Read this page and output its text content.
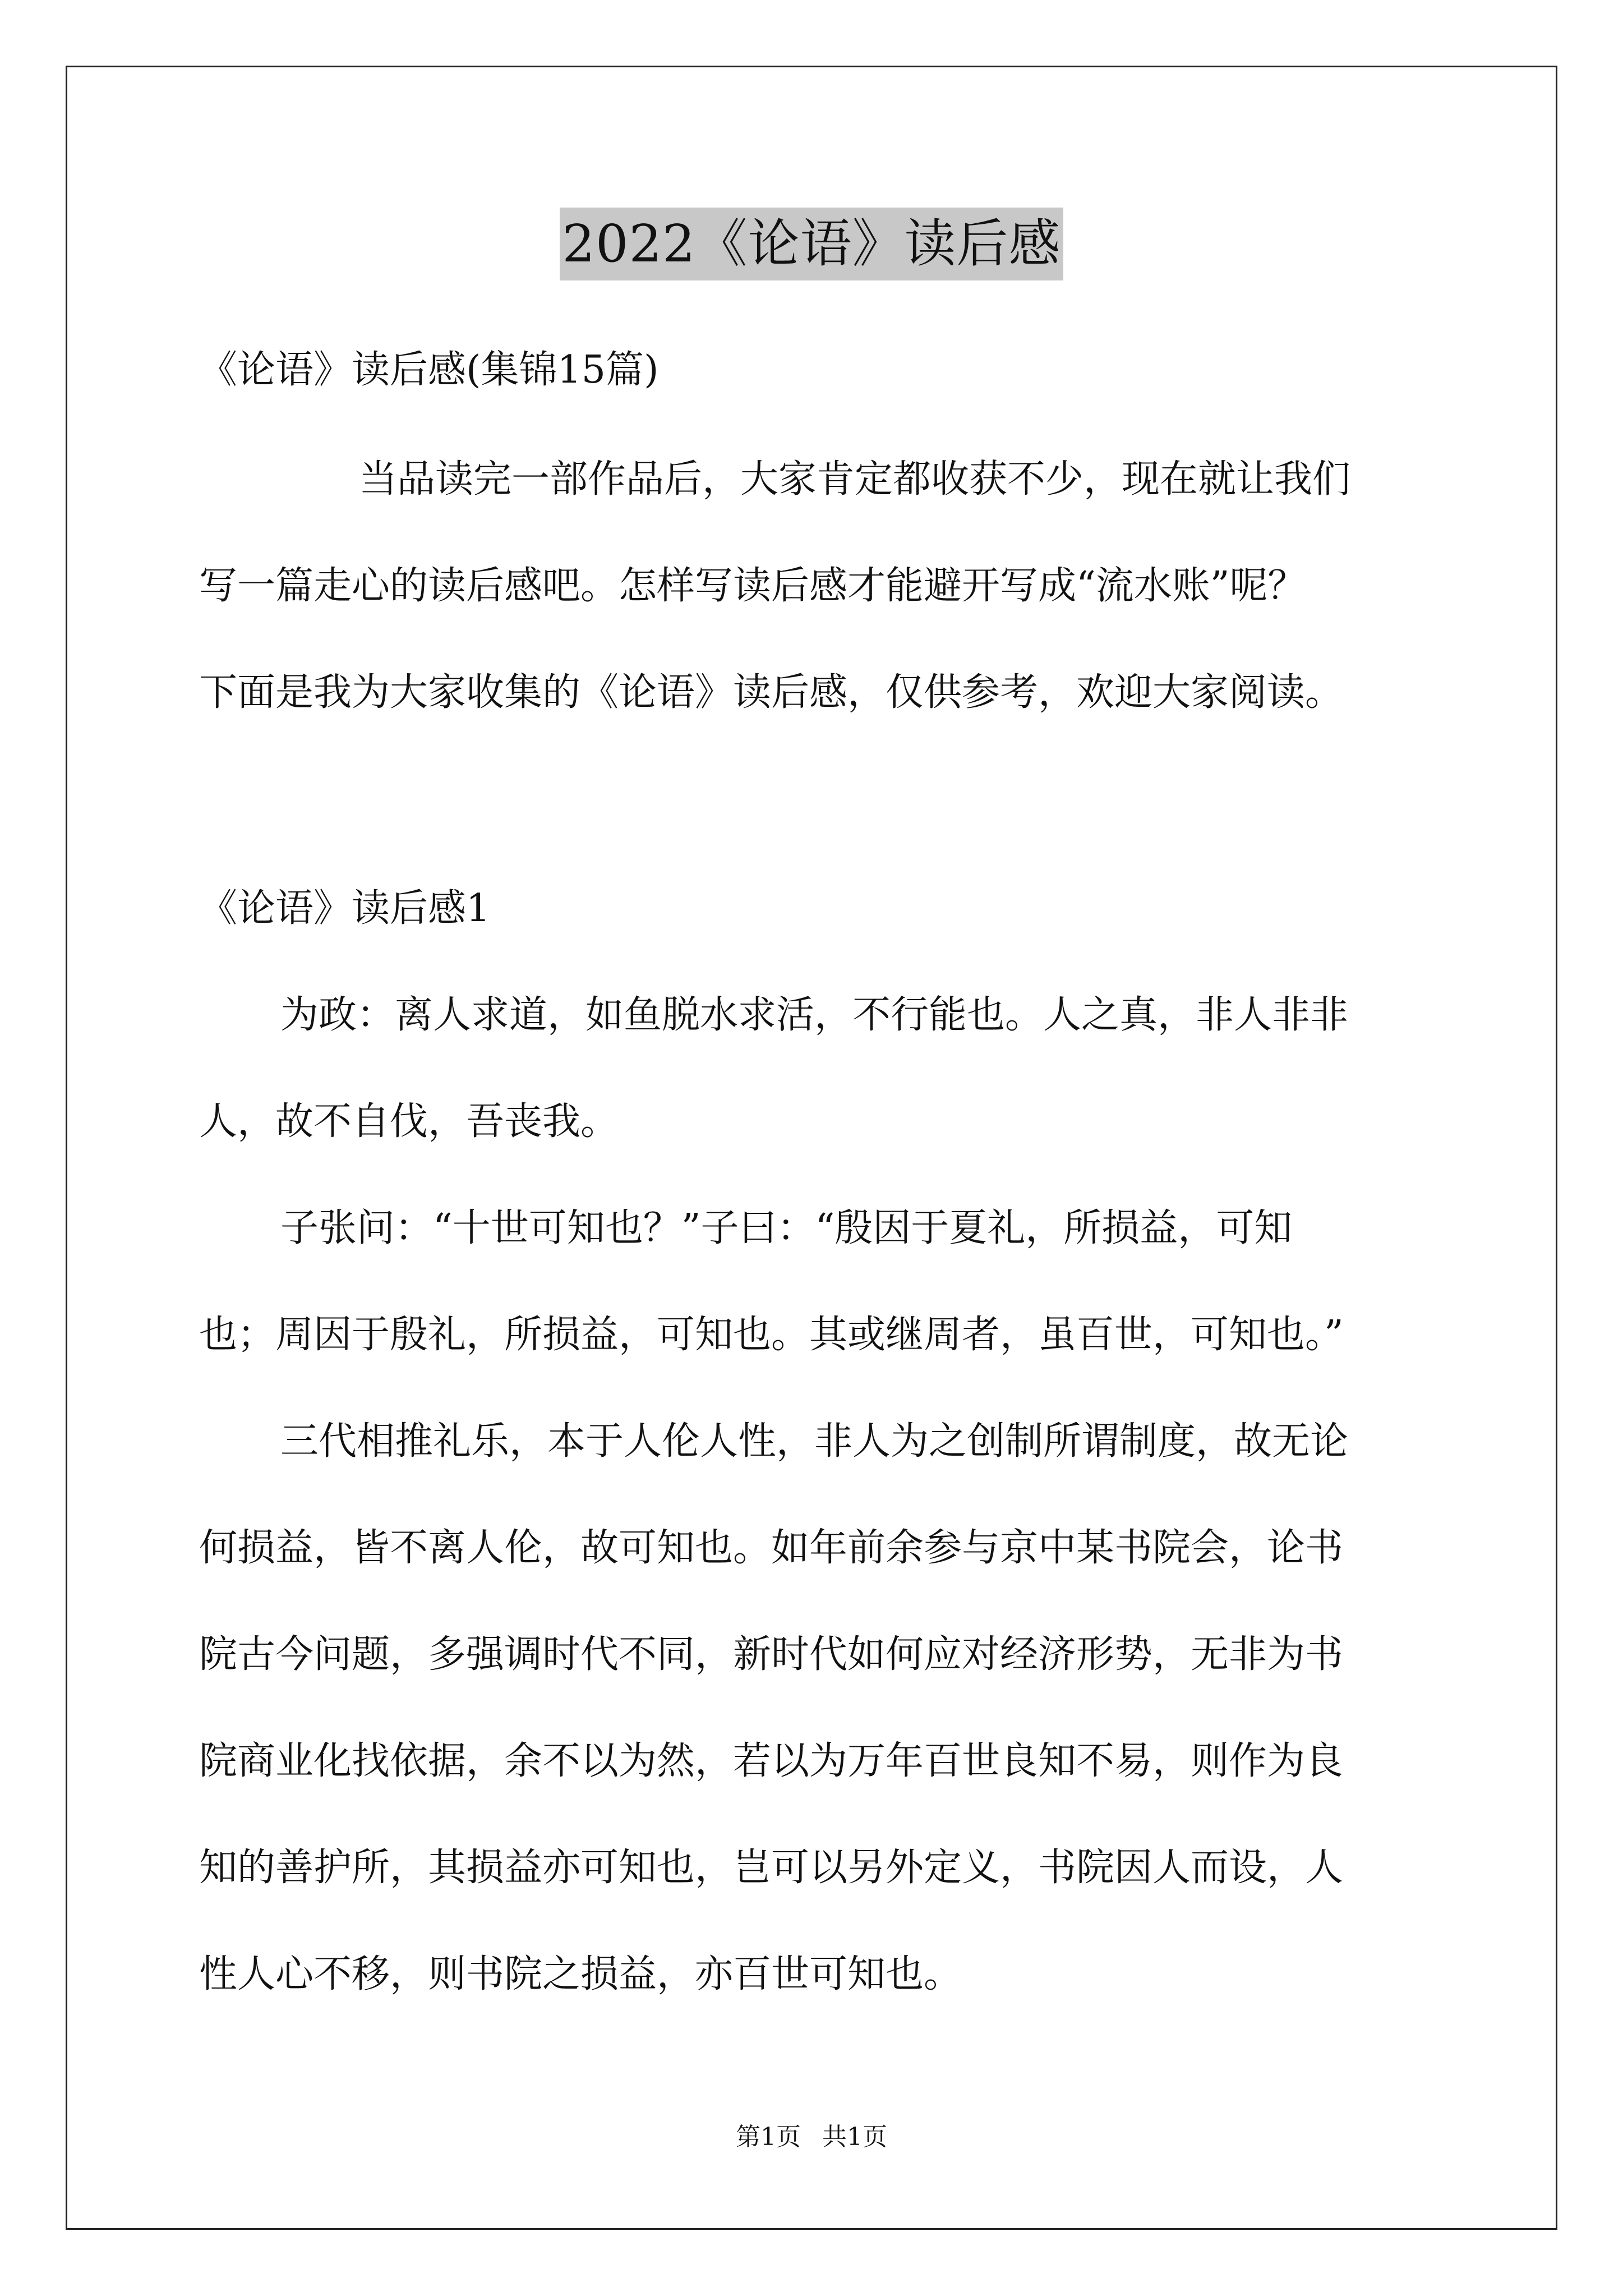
2022《论语》读后感
《论语》读后感(集锦15篇)
当品读完一部作品后，大家肯定都收获不少，现在就让我们
写一篇走心的读后感吧。怎样写读后感才能避开写成“流水账”呢？
下面是我为大家收集的《论语》读后感，仅供参考，欢迎大家阅读。
《论语》读后感1
为政：离人求道，如鱼脱水求活，不行能也。人之真，非人非非
人，故不自伐，吾丧我。
子张问：“十世可知也？”子曰：“殷因于夏礼，所损益，可知
也；周因于殷礼，所损益，可知也。其或继周者，虽百世，可知也。”
三代相推礼乐，本于人伦人性，非人为之创制所谓制度，故无论
何损益，皆不离人伦，故可知也。如年前余参与京中某书院会，论书
院古今问题，多强调时代不同，新时代如何应对经济形势，无非为书
院商业化找依据，余不以为然，若以为万年百世良知不易，则作为良
知的善护所，其损益亦可知也，岂可以另外定义，书院因人而设，人
性人心不移，则书院之损益，亦百世可知也。
第1页 共1页
